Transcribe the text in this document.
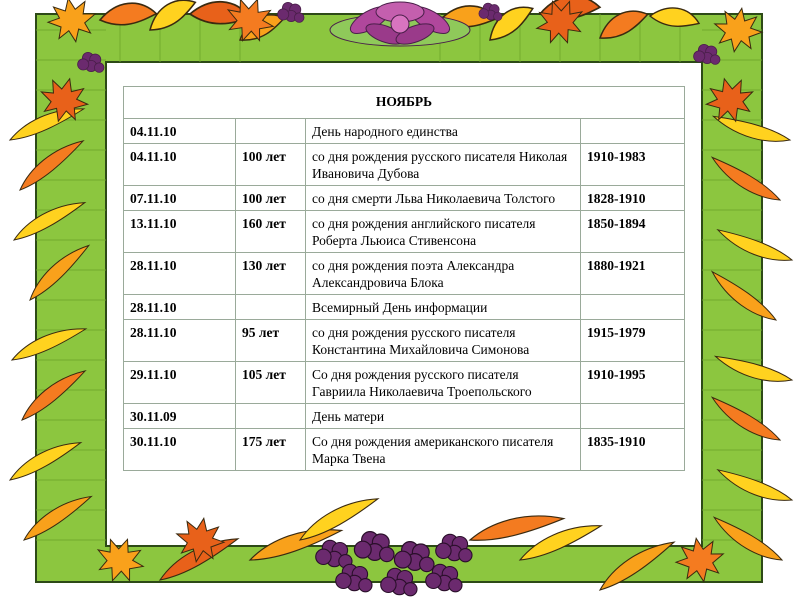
НОЯБРЬ			
04.11.10		День народного единства	
04.11.10	100 лет	со дня рождения русского писателя Николая Ивановича Дубова	1910-1983
07.11.10	100 лет	со дня смерти Льва Николаевича Толстого	1828-1910
13.11.10	160 лет	со дня рождения английского писателя Роберта Льюиса Стивенсона	1850-1894
28.11.10	130 лет	со дня рождения поэта Александра Александровича Блока	1880-1921
28.11.10		Всемирный День информации	
28.11.10	95 лет	со дня рождения русского писателя Константина Михайловича Симонова	1915-1979
29.11.10	105 лет	Со дня рождения русского писателя Гавриила Николаевича Троепольского	1910-1995
30.11.09		День матери	
30.11.10	175 лет	Со дня рождения американского писателя Марка Твена	1835-1910
